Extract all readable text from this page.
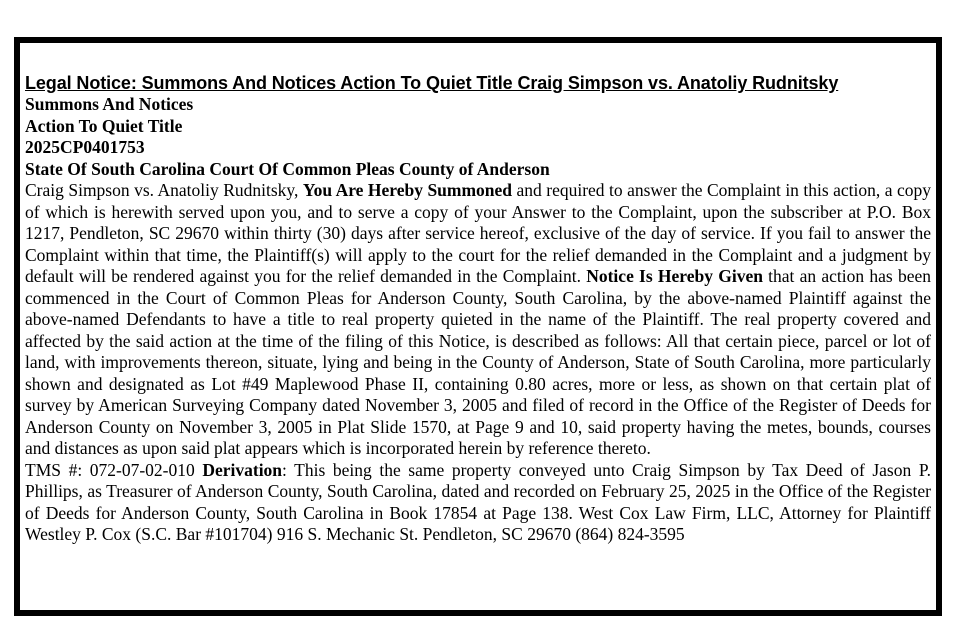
Legal Notice: Summons And Notices Action To Quiet Title Craig Simpson vs. Anatoliy Rudnitsky

Summons And Notices

Action To Quiet Title

2025CP0401753

State Of South Carolina Court Of Common Pleas County of Anderson

Craig Simpson vs. Anatoliy Rudnitsky, You Are Hereby Summoned and required to answer the Complaint in this action, a copy of which is herewith served upon you, and to serve a copy of your Answer to the Complaint, upon the subscriber at P.O. Box 1217, Pendleton, SC 29670 within thirty (30) days after service hereof, exclusive of the day of service. If you fail to answer the Complaint within that time, the Plaintiff(s) will apply to the court for the relief demanded in the Complaint and a judgment by default will be rendered against you for the relief demanded in the Complaint. Notice Is Hereby Given that an action has been commenced in the Court of Common Pleas for Anderson County, South Carolina, by the above-named Plaintiff against the above-named Defendants to have a title to real property quieted in the name of the Plaintiff. The real property covered and affected by the said action at the time of the filing of this Notice, is described as follows: All that certain piece, parcel or lot of land, with improvements thereon, situate, lying and being in the County of Anderson, State of South Carolina, more particularly shown and designated as Lot #49 Maplewood Phase II, containing 0.80 acres, more or less, as shown on that certain plat of survey by American Surveying Company dated November 3, 2005 and filed of record in the Office of the Register of Deeds for Anderson County on November 3, 2005 in Plat Slide 1570, at Page 9 and 10, said property having the metes, bounds, courses and distances as upon said plat appears which is incorporated herein by reference thereto.

TMS #: 072-07-02-010 Derivation: This being the same property conveyed unto Craig Simpson by Tax Deed of Jason P. Phillips, as Treasurer of Anderson County, South Carolina, dated and recorded on February 25, 2025 in the Office of the Register of Deeds for Anderson County, South Carolina in Book 17854 at Page 138. West Cox Law Firm, LLC, Attorney for Plaintiff Westley P. Cox (S.C. Bar #101704) 916 S. Mechanic St. Pendleton, SC 29670 (864) 824-3595
